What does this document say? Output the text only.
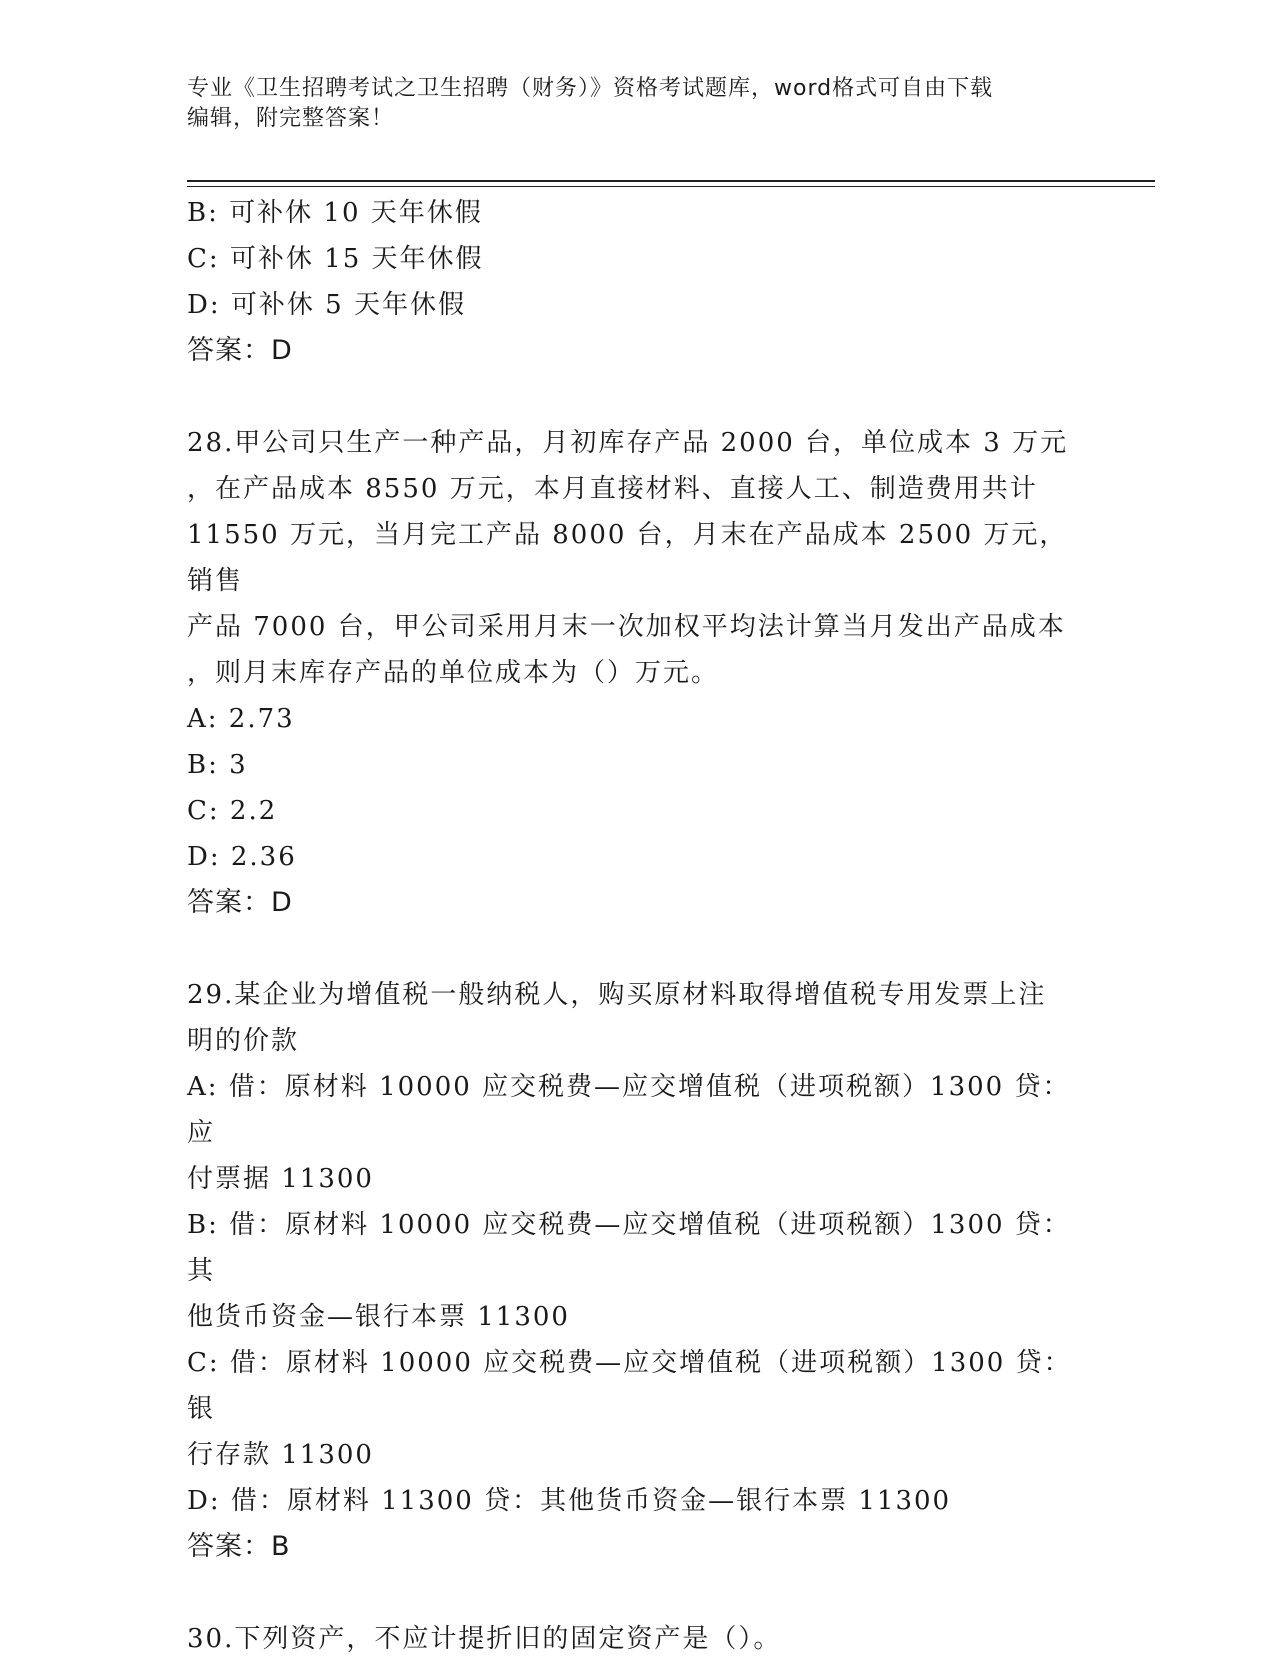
专业《卫生招聘考试之卫生招聘（财务）》资格考试题库，word格式可自由下载
编辑，附完整答案！

B: 可补休 10 天年休假

C: 可补休 15 天年休假

D: 可补休 5 天年休假

答案：D

28.甲公司只生产一种产品，月初库存产品 2000 台，单位成本 3 万元

，在产品成本 8550 万元，本月直接材料、直接人工、制造费用共计

11550 万元，当月完工产品 8000 台，月末在产品成本 2500 万元，销售

产品 7000 台，甲公司采用月末一次加权平均法计算当月发出产品成本

，则月末库存产品的单位成本为（）万元。

A: 2.73

B: 3

C: 2.2

D: 2.36

答案：D

29.某企业为增值税一般纳税人，购买原材料取得增值税专用发票上注

明的价款

A: 借：原材料 10000 应交税费—应交增值税（进项税额）1300 贷：应

付票据 11300

B: 借：原材料 10000 应交税费—应交增值税（进项税额）1300 贷：其

他货币资金—银行本票 11300

C: 借：原材料 10000 应交税费—应交增值税（进项税额）1300 贷：银

行存款 11300

D: 借：原材料 11300 贷：其他货币资金—银行本票 11300

答案：B

30.下列资产，不应计提折旧的固定资产是（）。
